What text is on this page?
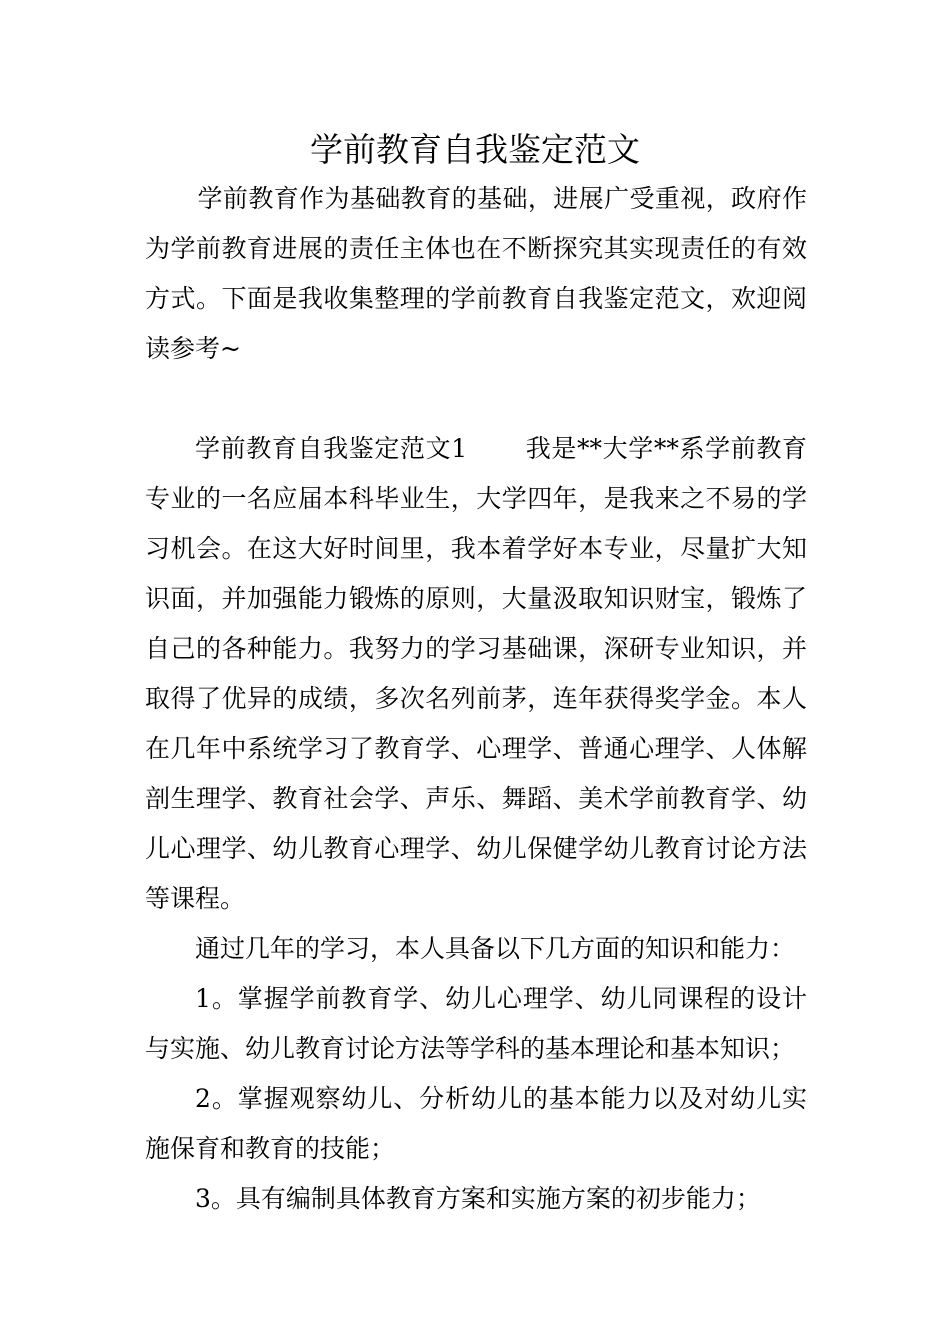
学前教育自我鉴定范文

学前教育作为基础教育的基础，进展广受重视，政府作为学前教育进展的责任主体也在不断探究其实现责任的有效方式。下面是我收集整理的学前教育自我鉴定范文，欢迎阅读参考~

学前教育自我鉴定范文1 我是**大学**系学前教育专业的一名应届本科毕业生，大学四年，是我来之不易的学习机会。在这大好时间里，我本着学好本专业，尽量扩大知识面，并加强能力锻炼的原则，大量汲取知识财宝，锻炼了自己的各种能力。我努力的学习基础课，深研专业知识，并取得了优异的成绩，多次名列前茅，连年获得奖学金。本人在几年中系统学习了教育学、心理学、普通心理学、人体解剖生理学、教育社会学、声乐、舞蹈、美术学前教育学、幼儿心理学、幼儿教育心理学、幼儿保健学幼儿教育讨论方法等课程。

通过几年的学习，本人具备以下几方面的知识和能力：

1。掌握学前教育学、幼儿心理学、幼儿同课程的设计与实施、幼儿教育讨论方法等学科的基本理论和基本知识；

2。掌握观察幼儿、分析幼儿的基本能力以及对幼儿实施保育和教育的技能；

3。具有编制具体教育方案和实施方案的初步能力；
